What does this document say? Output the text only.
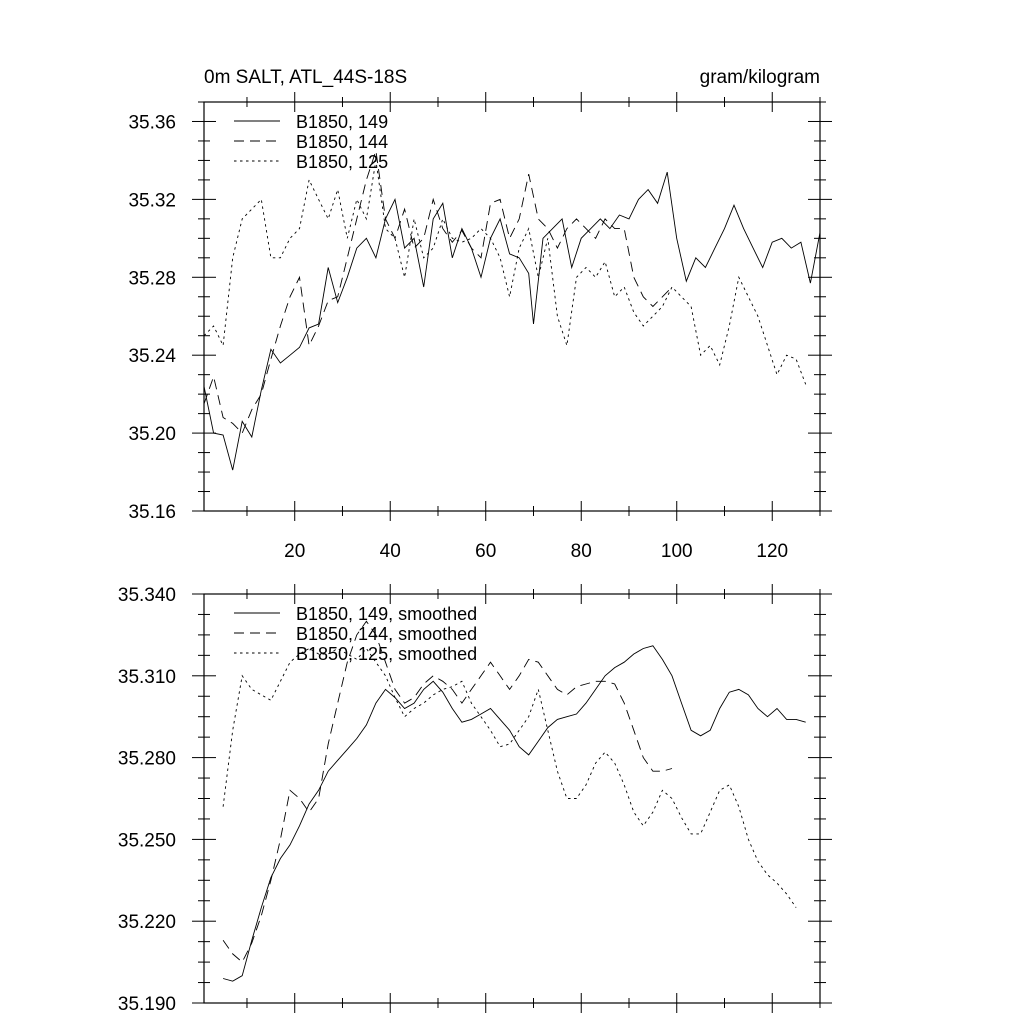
0m SALT, ATL_44S-18S	gram/kilogram
20	40	60	80	100	120
35.16
35.20
35.24
35.28
35.32
35.36	B1850, 149
B1850, 144
B1850, 125
35.190
35.220
35.250
35.280
35.310
35.340
B1850, 149, smoothed
B1850, 144, smoothed
B1850, 125, smoothed
